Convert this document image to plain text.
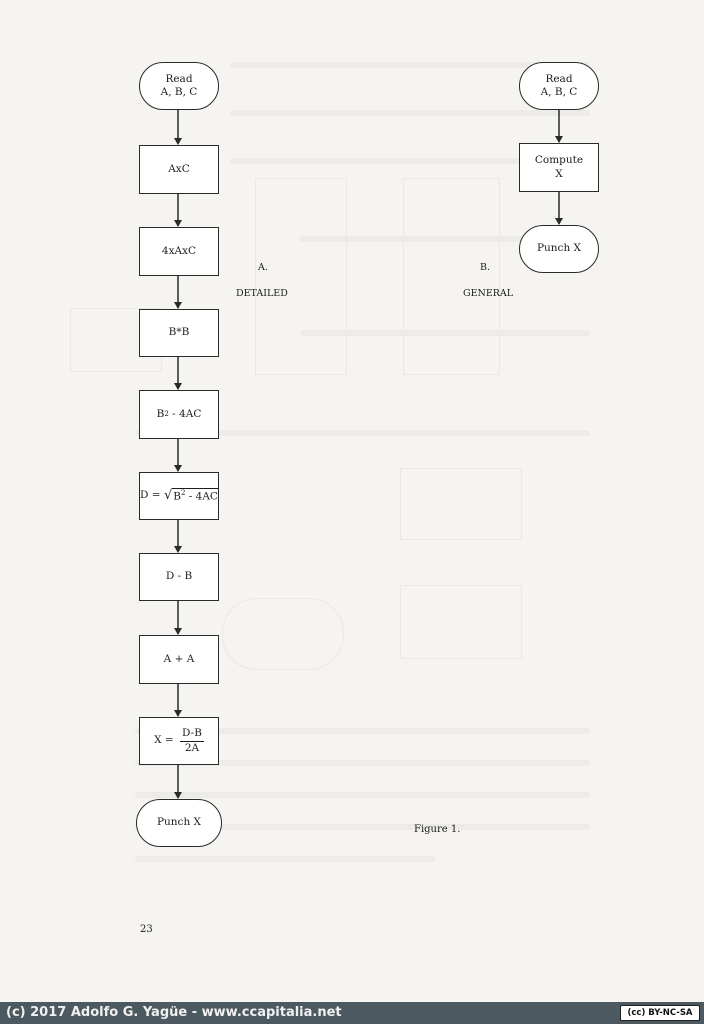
Read
A, B, C
AxC
4xAxC
B*B
B 2 - 4AC
D = √ $B^2 - 4AC$
D - B
A + A
$X = \frac{D-B}{2A}$
Punch X
A.
DETAILED
Read
A, B, C
Compute
X
Punch X
B.
GENERAL
Figure 1.
23
(c) 2017 Adolfo G. Yagüe - www.ccapitalia.net	(cc) BY-NC-SA
